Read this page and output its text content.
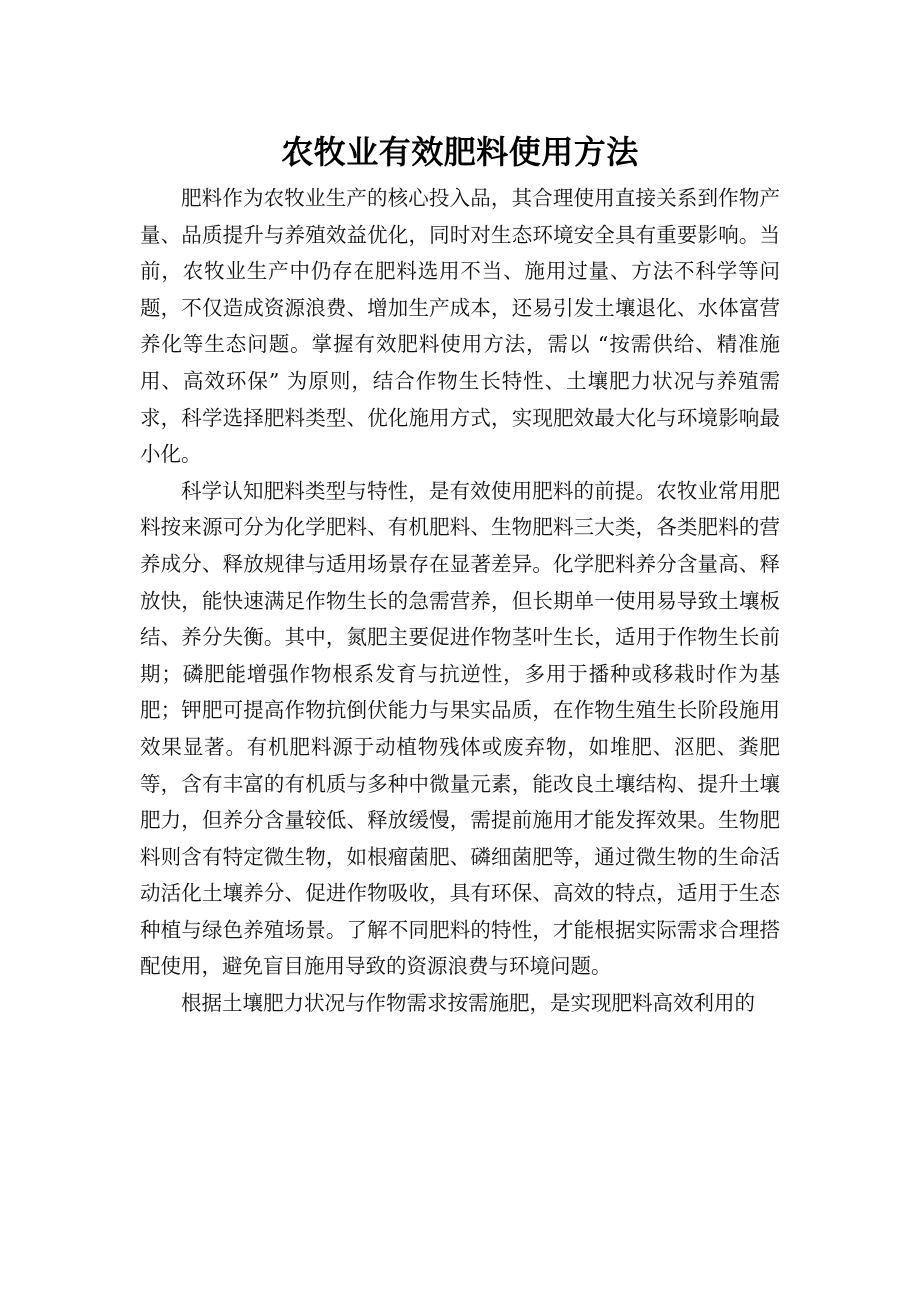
农牧业有效肥料使用方法

肥料作为农牧业生产的核心投入品，其合理使用直接关系到作物产量、品质提升与养殖效益优化，同时对生态环境安全具有重要影响。当前，农牧业生产中仍存在肥料选用不当、施用过量、方法不科学等问题，不仅造成资源浪费、增加生产成本，还易引发土壤退化、水体富营养化等生态问题。掌握有效肥料使用方法，需以 “按需供给、精准施用、高效环保” 为原则，结合作物生长特性、土壤肥力状况与养殖需求，科学选择肥料类型、优化施用方式，实现肥效最大化与环境影响最小化。

科学认知肥料类型与特性，是有效使用肥料的前提。农牧业常用肥料按来源可分为化学肥料、有机肥料、生物肥料三大类，各类肥料的营养成分、释放规律与适用场景存在显著差异。化学肥料养分含量高、释放快，能快速满足作物生长的急需营养，但长期单一使用易导致土壤板结、养分失衡。其中，氮肥主要促进作物茎叶生长，适用于作物生长前期；磷肥能增强作物根系发育与抗逆性，多用于播种或移栽时作为基肥；钾肥可提高作物抗倒伏能力与果实品质，在作物生殖生长阶段施用效果显著。有机肥料源于动植物残体或废弃物，如堆肥、沤肥、粪肥等，含有丰富的有机质与多种中微量元素，能改良土壤结构、提升土壤肥力，但养分含量较低、释放缓慢，需提前施用才能发挥效果。生物肥料则含有特定微生物，如根瘤菌肥、磷细菌肥等，通过微生物的生命活动活化土壤养分、促进作物吸收，具有环保、高效的特点，适用于生态种植与绿色养殖场景。了解不同肥料的特性，才能根据实际需求合理搭配使用，避免盲目施用导致的资源浪费与环境问题。

根据土壤肥力状况与作物需求按需施肥，是实现肥料高效利用的
